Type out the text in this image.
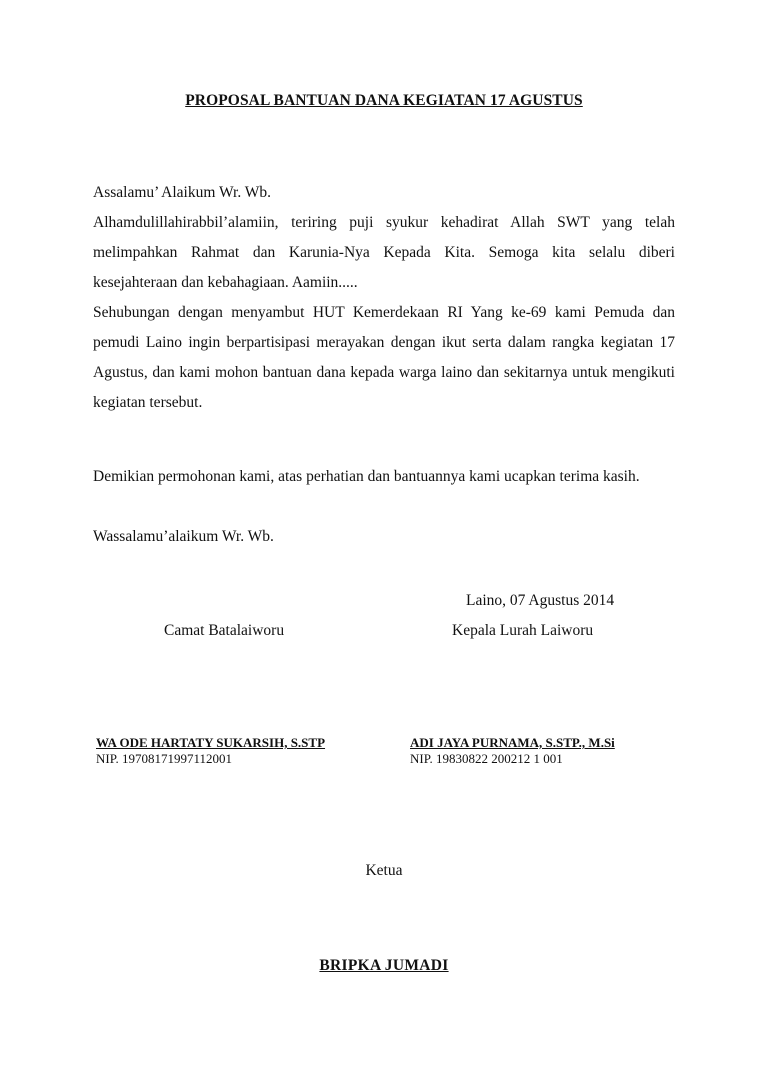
PROPOSAL BANTUAN DANA KEGIATAN 17 AGUSTUS

Assalamu’ Alaikum Wr. Wb.

Alhamdulillahirabbil’alamiin, teriring puji syukur kehadirat Allah SWT yang telah melimpahkan Rahmat dan Karunia-Nya Kepada Kita. Semoga kita selalu diberi kesejahteraan dan kebahagiaan. Aamiin.....

Sehubungan dengan menyambut HUT Kemerdekaan RI Yang ke-69 kami Pemuda dan pemudi Laino ingin berpartisipasi merayakan dengan ikut serta dalam rangka kegiatan 17 Agustus, dan kami mohon bantuan dana kepada warga laino dan sekitarnya untuk mengikuti kegiatan tersebut.

Demikian permohonan kami, atas perhatian dan bantuannya kami ucapkan terima kasih.
Wassalamu’alaikum Wr. Wb.
Laino, 07 Agustus 2014
Camat Batalaiworu	Kepala Lurah Laiworu
WA ODE HARTATY SUKARSIH, S.STP	ADI JAYA PURNAMA, S.STP., M.Si
NIP. 19708171997112001	NIP. 19830822 200212 1 001
Ketua
BRIPKA JUMADI
